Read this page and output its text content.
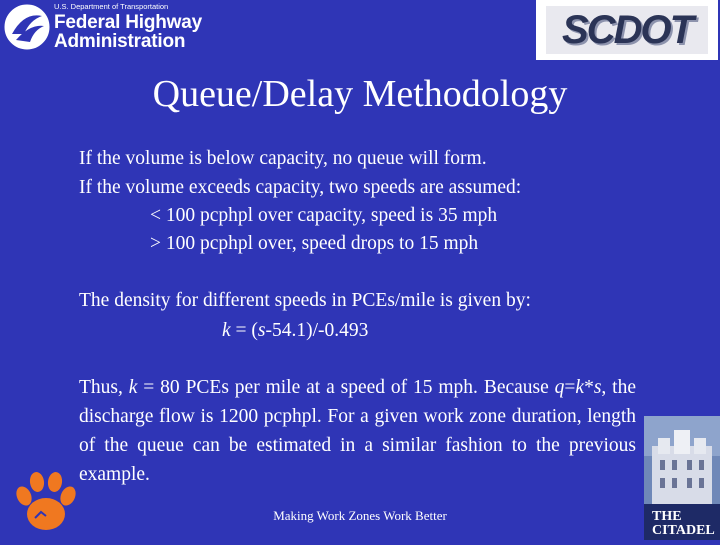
U.S. Department of Transportation
Federal Highway
Administration	SCDOT
Queue/Delay Methodology
If the volume is below capacity, no queue will form.
If the volume exceeds capacity, two speeds are assumed:
< 100 pcphpl over capacity, speed is 35 mph
> 100 pcphpl over, speed drops to 15 mph
The density for different speeds in PCEs/mile is given by:
k = (s-54.1)/-0.493
Thus, k = 80 PCEs per mile at a speed of 15 mph. Because q=k*s, the discharge flow is 1200 pcphpl. For a given work zone duration, length of the queue can be estimated in a similar fashion to the previous example.
Making Work Zones Work Better	THE
CITADEL
